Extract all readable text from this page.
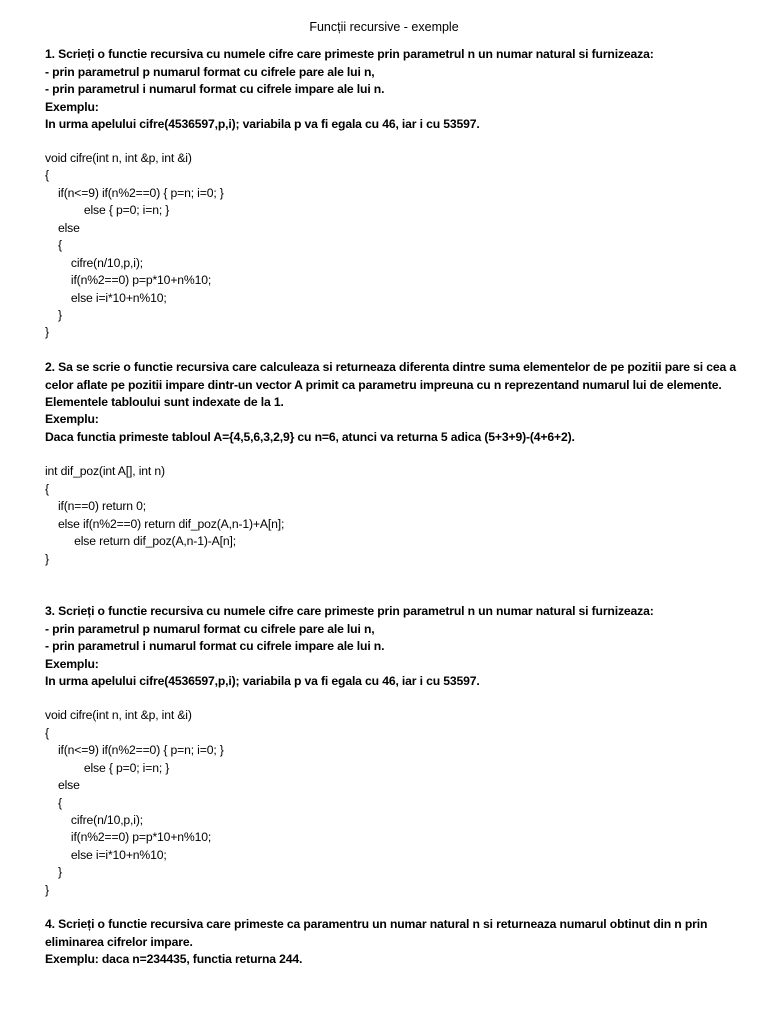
Funcții recursive - exemple
1. Scrieți o functie recursiva cu numele cifre care primeste prin parametrul n un numar natural si furnizeaza:
- prin parametrul p numarul format cu cifrele pare ale lui n,
- prin parametrul i numarul format cu cifrele impare ale lui n.
Exemplu:
In urma apelului cifre(4536597,p,i); variabila p va fi egala cu 46, iar i cu 53597.
void cifre(int n, int &p, int &i)
{
if(n<=9) if(n%2==0) { p=n; i=0; }
else { p=0; i=n; }
else
{
cifre(n/10,p,i);
if(n%2==0) p=p*10+n%10;
else i=i*10+n%10;
}
}
2. Sa se scrie o functie recursiva care calculeaza si returneaza diferenta dintre suma elementelor de pe pozitii pare si cea a
celor aflate pe pozitii impare dintr-un vector A primit ca parametru impreuna cu n reprezentand numarul lui de elemente.
Elementele tabloului sunt indexate de la 1.
Exemplu:
Daca functia primeste tabloul A={4,5,6,3,2,9} cu n=6, atunci va returna 5 adica (5+3+9)-(4+6+2).
int dif_poz(int A[], int n)
{
if(n==0) return 0;
else if(n%2==0) return dif_poz(A,n-1)+A[n];
else return dif_poz(A,n-1)-A[n];
}
3. Scrieți o functie recursiva cu numele cifre care primeste prin parametrul n un numar natural si furnizeaza:
- prin parametrul p numarul format cu cifrele pare ale lui n,
- prin parametrul i numarul format cu cifrele impare ale lui n.
Exemplu:
In urma apelului cifre(4536597,p,i); variabila p va fi egala cu 46, iar i cu 53597.
void cifre(int n, int &p, int &i)
{
if(n<=9) if(n%2==0) { p=n; i=0; }
else { p=0; i=n; }
else
{
cifre(n/10,p,i);
if(n%2==0) p=p*10+n%10;
else i=i*10+n%10;
}
}
4. Scrieți o functie recursiva care primeste ca paramentru un numar natural n si returneaza numarul obtinut din n prin
eliminarea cifrelor impare.
Exemplu: daca n=234435, functia returna 244.
